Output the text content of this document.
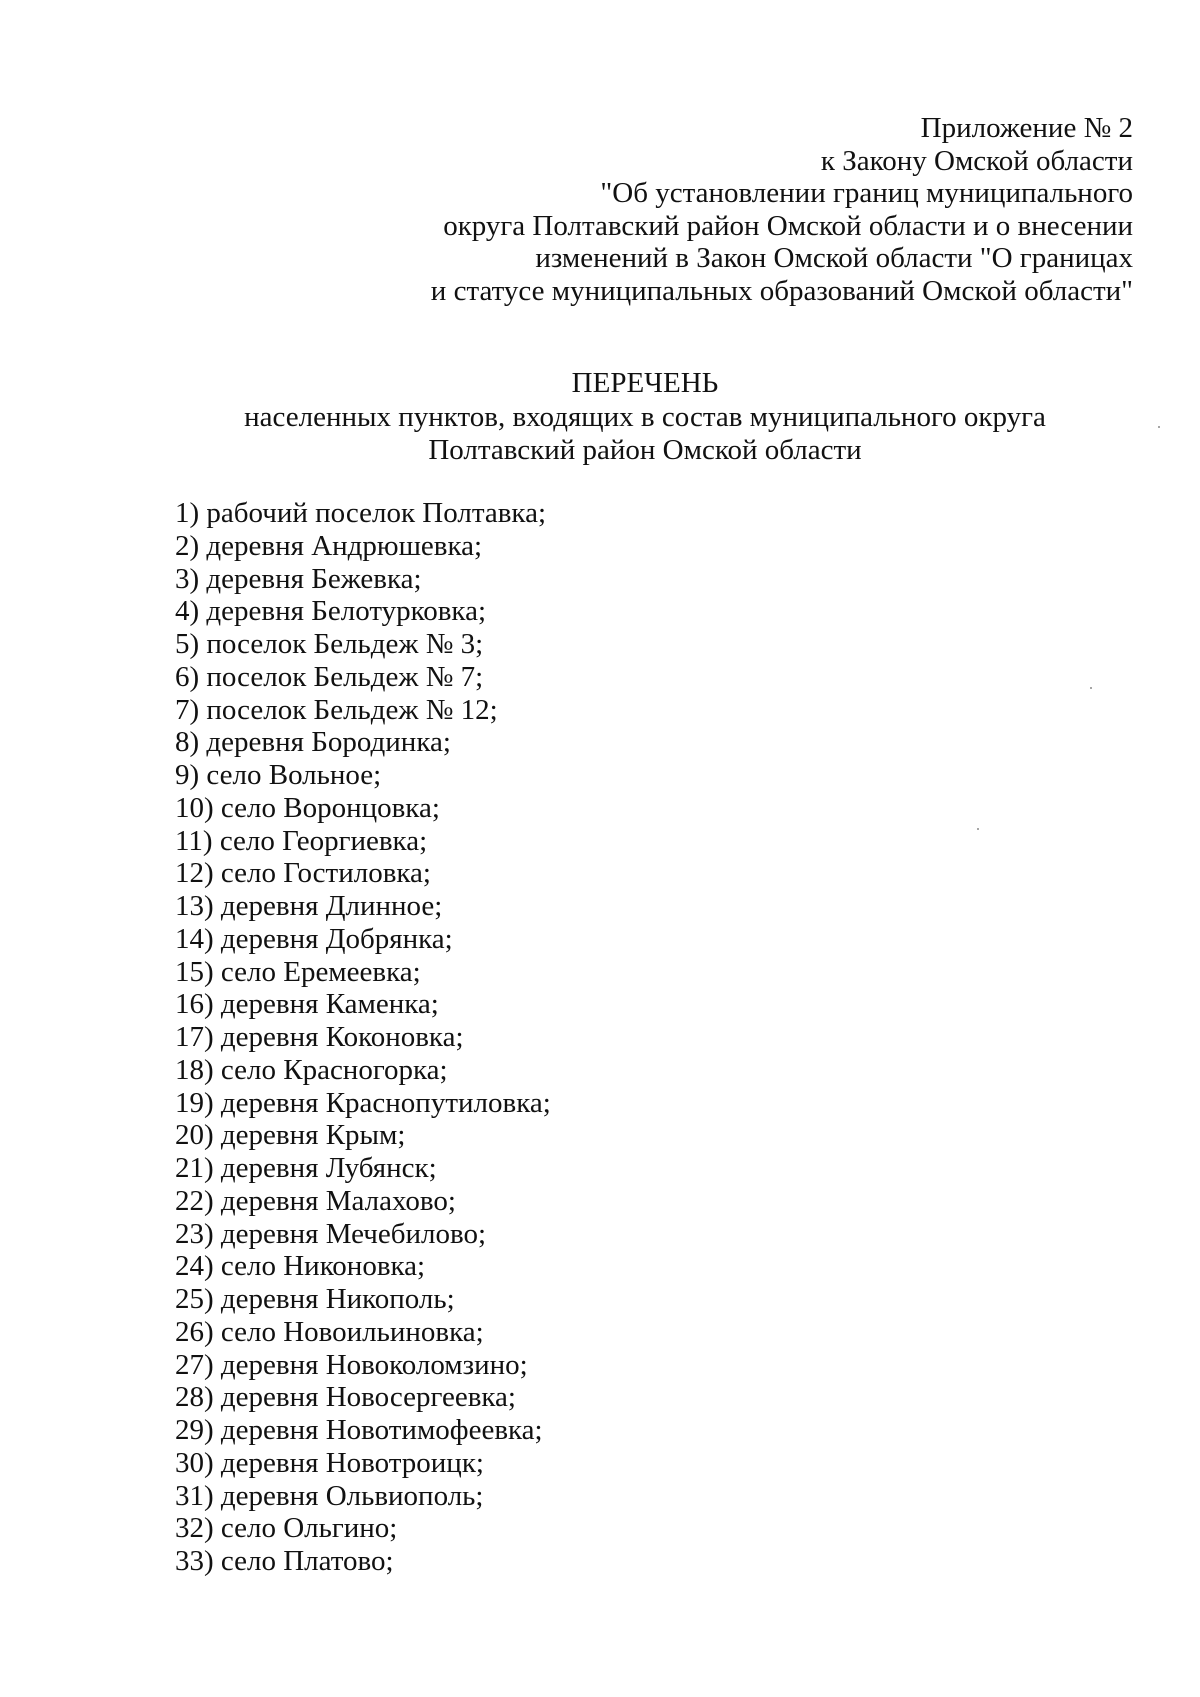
Приложение № 2
к Закону Омской области
"Об установлении границ муниципального
округа Полтавский район Омской области и о внесении
изменений в Закон Омской области "О границах
и статусе муниципальных образований Омской области"
ПЕРЕЧЕНЬ
населенных пунктов, входящих в состав муниципального округа
Полтавский район Омской области
1) рабочий поселок Полтавка;
2) деревня Андрюшевка;
3) деревня Бежевка;
4) деревня Белотурковка;
5) поселок Бельдеж № 3;
6) поселок Бельдеж № 7;
7) поселок Бельдеж № 12;
8) деревня Бородинка;
9) село Вольное;
10) село Воронцовка;
11) село Георгиевка;
12) село Гостиловка;
13) деревня Длинное;
14) деревня Добрянка;
15) село Еремеевка;
16) деревня Каменка;
17) деревня Коконовка;
18) село Красногорка;
19) деревня Краснопутиловка;
20) деревня Крым;
21) деревня Лубянск;
22) деревня Малахово;
23) деревня Мечебилово;
24) село Никоновка;
25) деревня Никополь;
26) село Новоильиновка;
27) деревня Новоколомзино;
28) деревня Новосергеевка;
29) деревня Новотимофеевка;
30) деревня Новотроицк;
31) деревня Ольвиополь;
32) село Ольгино;
33) село Платово;
